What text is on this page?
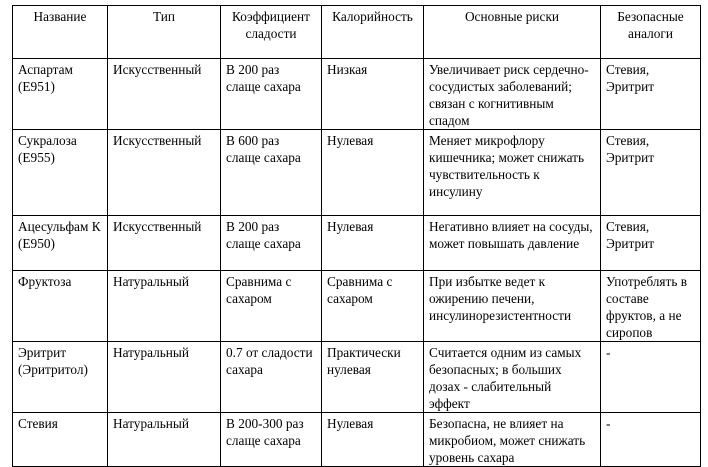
Название	Тип	Коэффициент сладости	Калорийность	Основные риски	Безопасные аналоги
Аспартам (Е951)	Искусственный	В 200 раз слаще сахара	Низкая	Увеличивает риск сердечно-сосудистых заболеваний; связан с когнитивным спадом	Стевия, Эритрит
Сукралоза (Е955)	Искусственный	В 600 раз слаще сахара	Нулевая	Меняет микрофлору кишечника; может снижать чувствительность к инсулину	Стевия, Эритрит
Ацесульфам К (Е950)	Искусственный	В 200 раз слаще сахара	Нулевая	Негативно влияет на сосуды, может повышать давление	Стевия, Эритрит
Фруктоза	Натуральный	Сравнима с сахаром	Сравнима с сахаром	При избытке ведет к ожирению печени, инсулинорезистентности	Употреблять в составе фруктов, а не сиропов
Эритрит (Эритритол)	Натуральный	0.7 от сладости сахара	Практически нулевая	Считается одним из самых безопасных; в больших дозах - слабительный эффект	-
Стевия	Натуральный	В 200-300 раз слаще сахара	Нулевая	Безопасна, не влияет на микробиом, может снижать уровень сахара	-
